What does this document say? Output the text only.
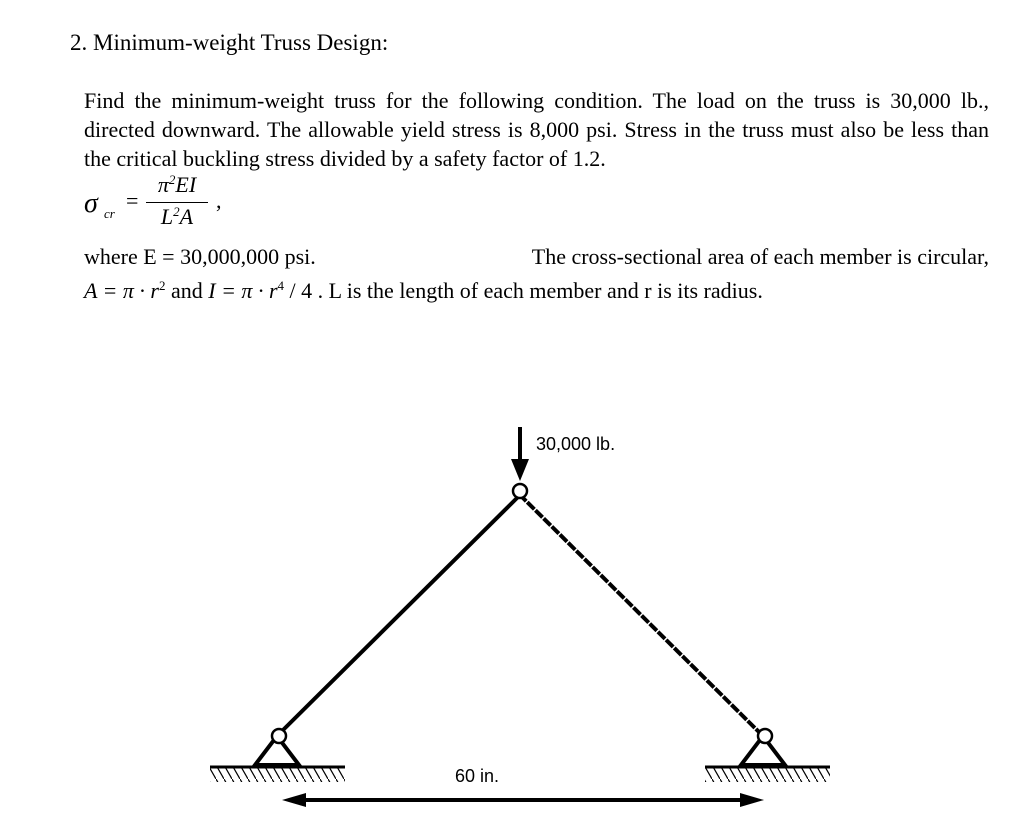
2. Minimum-weight Truss Design:
Find the minimum-weight truss for the following condition. The load on the truss is 30,000 lb., directed downward. The allowable yield stress is 8,000 psi. Stress in the truss must also be less than the critical buckling stress divided by a safety factor of 1.2.
σ cr
=
$\pi^2EI$
$L^2A$
,
where E = 30,000,000 psi.	The cross-sectional area of each member is circular,
$A = \pi \cdot r^2$ and $I = \pi \cdot r^4 / 4$ . L is the length of each member and r is its radius.
30,000 lb.
60 in.
